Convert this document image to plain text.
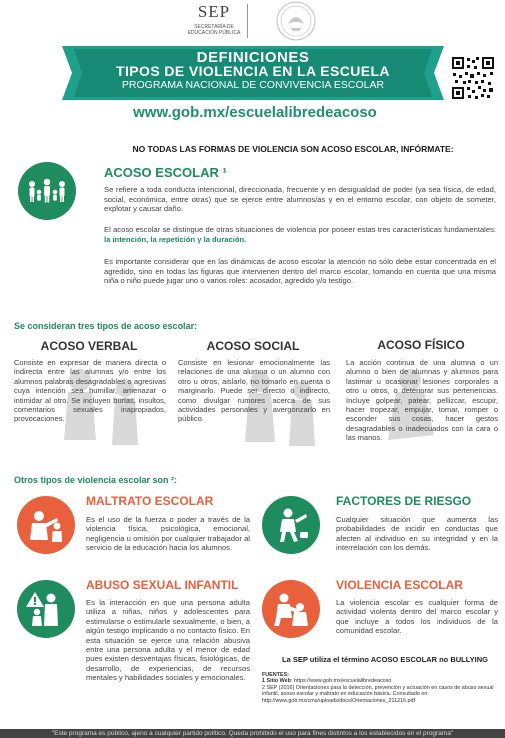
SEP
SECRETARÍA DE
EDUCACIÓN PÚBLICA
DEFINICIONES
TIPOS DE VIOLENCIA EN LA ESCUELA
PROGRAMA NACIONAL DE CONVIVENCIA ESCOLAR
www.gob.mx/escuelalibredeacoso
NO TODAS LAS FORMAS DE VIOLENCIA SON ACOSO ESCOLAR, INFÓRMATE:
ACOSO ESCOLAR ¹
Se refiere a toda conducta intencional, direccionada, frecuente y en desigualdad de poder (ya sea física, de edad, social, económica, entre otras) que se ejerce entre alumnos/as y en el entorno escolar, con objeto de someter, explotar y causar daño.
El acoso escolar se distingue de otras situaciones de violencia por poseer estas tres características fundamentales: la intención, la repetición y la duración.
Es importante considerar que en las dinámicas de acoso escolar la atención no sólo debe estar concentrada en el agredido, sino en todas las figuras que intervienen dentro del marco escolar, tomando en cuenta que una misma niña o niño puede jugar uno o varios roles: acosador, agredido y/o testigo.
Se consideran tres tipos de acoso escolar:
ACOSO VERBAL	ACOSO SOCIAL	ACOSO FÍSICO
Consiste en expresar de manera directa o indirecta entre las alumnas y/o entre los alumnos palabras desagradables o agresivas cuya intención sea humillar, amenazar o intimidar al otro. Se incluyen burlas, insultos, comentarios sexuales inapropiados, provocaciones.
Consiste en lesionar emocionalmente las relaciones de una alumna o un alumno con otro u otros, aislarlo, no tomarlo en cuenta o marginarlo. Puede ser directo o indirecto, como divulgar rumores acerca de sus actividades personales y avergonzarlo en público.
La acción continua de una alumna o un alumno o bien de alumnas y alumnos para lastimar u ocasionar lesiones corporales a otro u otros, o deteriorar sus pertenencias. Incluye golpear, patear, pellizcar, escupir, hacer tropezar, empujar, tomar, romper o esconder sus cosas, hacer gestos desagradables o inadecuados con la cara o las manos.
Otros tipos de violencia escolar son ²:
MALTRATO ESCOLAR
Es el uso de la fuerza o poder a través de la violencia física, psicológica, emocional, negligencia u omisión por cualquier trabajador al servicio de la educación hacia los alumnos.
FACTORES DE RIESGO
Cualquier situación que aumenta las probabilidades de incidir en conductas que afecten al individuo en su integridad y en la interrelación con los demás.
ABUSO SEXUAL INFANTIL
Es la interacción en que una persona adulta utiliza a niñas, niños y adolescentes para estimularse o estimularle sexualmente, o bien, a algún testigo implicando o no contacto físico. En esta situación se ejerce una relación abusiva entre una persona adulta y el menor de edad pues existen desventajas físicas, fisiológicas, de desarrollo, de experiencias, de recursos mentales y habilidades sociales y emocionales.
VIOLENCIA ESCOLAR
La violencia escolar es cualquier forma de actividad violenta dentro del marco escolar y que incluye a todos los individuos de la comunidad escolar.
La SEP utiliza el término ACOSO ESCOLAR no BULLYING
FUENTES:
1 Sitio Web: https://www.gob.mx/escuelalibredeacoso
2 SEP (2016) Orientaciones para la detección, prevención y actuación en casos de abuso sexual infantil, acoso escolar y maltrato en educación básica. Consultado en: http://www.gob.mx/cms/uploads/docs/Orientaciones_211216.pdf
"Este programa es público, ajeno a cualquier partido político. Queda prohibido el uso para fines distintos a los establecidos en el programa"
